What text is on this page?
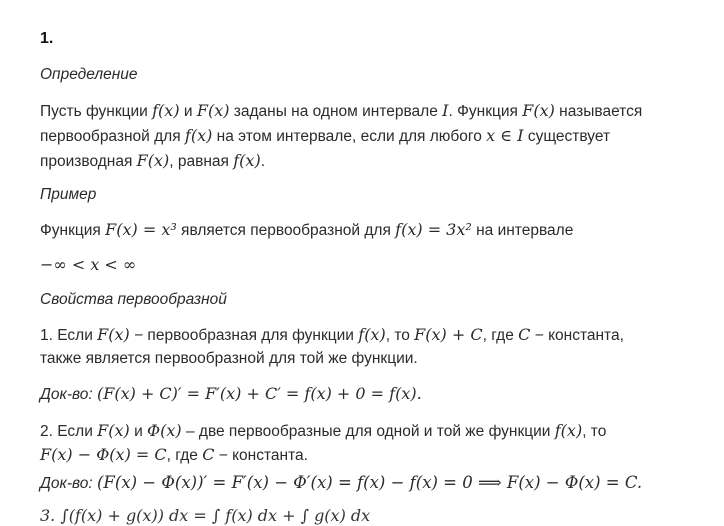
1.
Определение
Пусть функции f(x) и F(x) заданы на одном интервале I. Функция F(x) называется
первообразной для f(x) на этом интервале, если для любого x ∈ I существует
производная F(x), равная f(x).
Пример
Функция F(x) = x³ является первообразной для f(x) = 3x² на интервале
−∞ < x < ∞
Свойства первообразной
1. Если F(x) − первообразная для функции f(x), то F(x) + C, где C − константа,
также является первообразной для той же функции.
Док-во: (F(x) + C)′ = F′(x) + C′ = f(x) + 0 = f(x).
2. Если F(x) и Φ(x) – две первообразные для одной и той же функции f(x), то
F(x) − Φ(x) = C, где C − константа.
Док-во: (F(x) − Φ(x))′ = F′(x) − Φ′(x) = f(x) − f(x) = 0 ⟹ F(x) − Φ(x) = C.
3. ∫(f(x) + g(x)) dx = ∫ f(x) dx + ∫ g(x) dx
